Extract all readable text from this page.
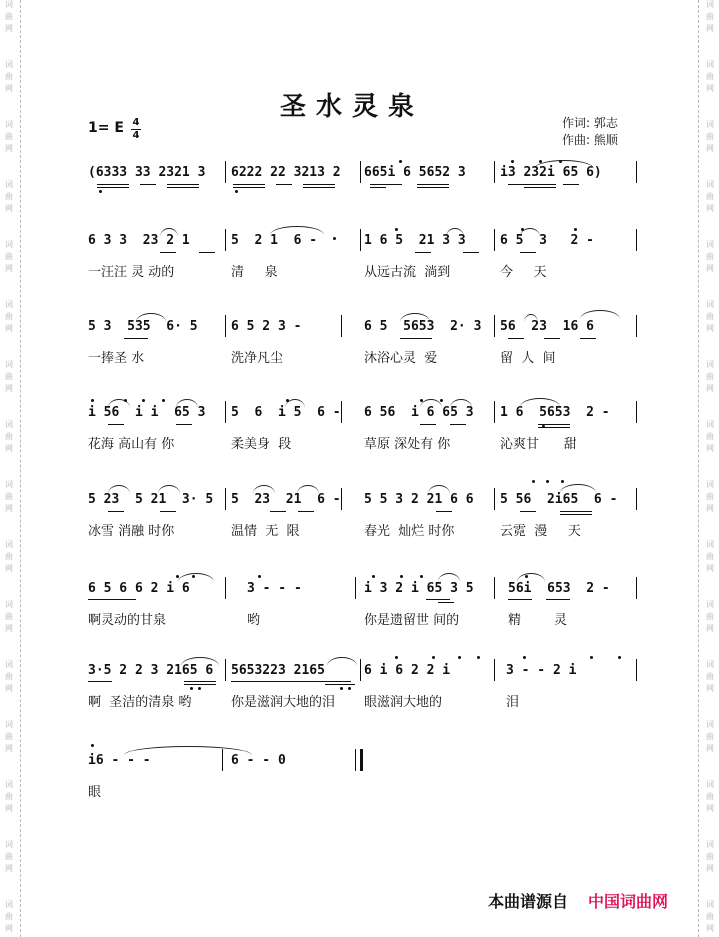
词
曲
网
词
曲
网
词
曲
网
词
曲
网
词
曲
网
词
曲
网
词
曲
网
词
曲
网
词
曲
网
词
曲
网
词
曲
网
词
曲
网
词
曲
网
词
曲
网
词
曲
网
词
曲
网
词
曲
网
词
曲
网
词
曲
网
词
曲
网
词
曲
网
词
曲
网
词
曲
网
词
曲
网
词
曲
网
词
曲
网
词
曲
网
词
曲
网
词
曲
网
词
曲
网
词
曲
网
词
曲
网
圣水灵泉
1= E 4
4
作词: 郭志
作曲: 熊顺
(6333 33 2321 3 6222 22 3213 2 665i 6 5652 3	i3 232i 65 6)
6 3 3  23 2 1	5  2 1  6 -	1 6 5  21 3 3	6 5  3   2 -
一汪汪 灵 动的	清     泉	从远古流  淌到	今     天
5 3  535  6· 5	6 5 2 3 -	6 5  5653  2· 3 56  23  16 6
一捧圣 水	洗净凡尘	沐浴心灵  爱	留  人  间
i 56  i i  65 3 5  6  i 5  6 - 6 56  i 6 65 3 1 6  5653  2 -
花海 高山有 你	柔美身  段	草原 深处有 你	沁爽甘      甜
5 23  5 21  3· 5 5  23  21  6 - 5 5 3 2 21 6 6 5 56  2i65  6 -
冰雪 消融 时你	温情  无  限	春光  灿烂 时你	云霓  漫     天
6 5 6 6 2 i 6	3 - - -	i 3 2 i 65 3 5	56i  653  2 -
啊灵动的甘泉	哟	你是遗留世 间的	精        灵
3·5 2 2 3 2165 6 5653223 2165	6 i 6 2 2 i	3 - - 2 i
啊  圣洁的清泉 哟	你是滋润大地的泪 眼滋润大地的	泪
i6 - - -	6 - - 0
眼
本曲谱源自 中国词曲网
